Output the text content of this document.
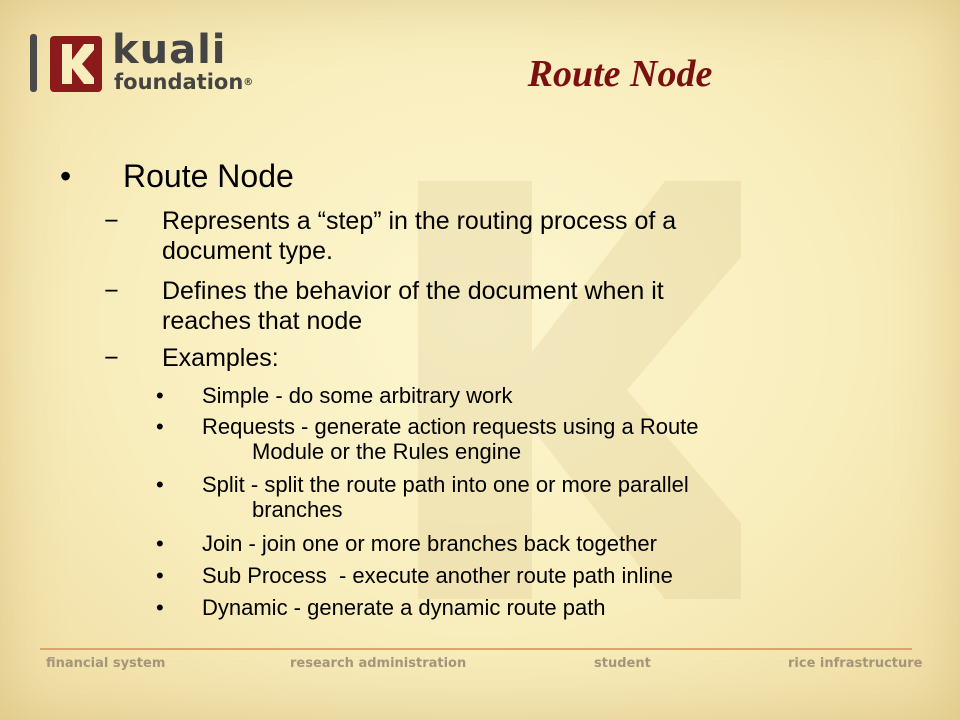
kuali
foundation®	Route Node
• Route Node
− Represents a “step” in the routing process of a
document type.
− Defines the behavior of the document when it
reaches that node
− Examples:
• Simple - do some arbitrary work
• Requests - generate action requests using a Route
Module or the Rules engine
• Split - split the route path into one or more parallel
branches
• Join - join one or more branches back together
• Sub Process  - execute another route path inline
• Dynamic - generate a dynamic route path
financial system	research administration	student	rice infrastructure
